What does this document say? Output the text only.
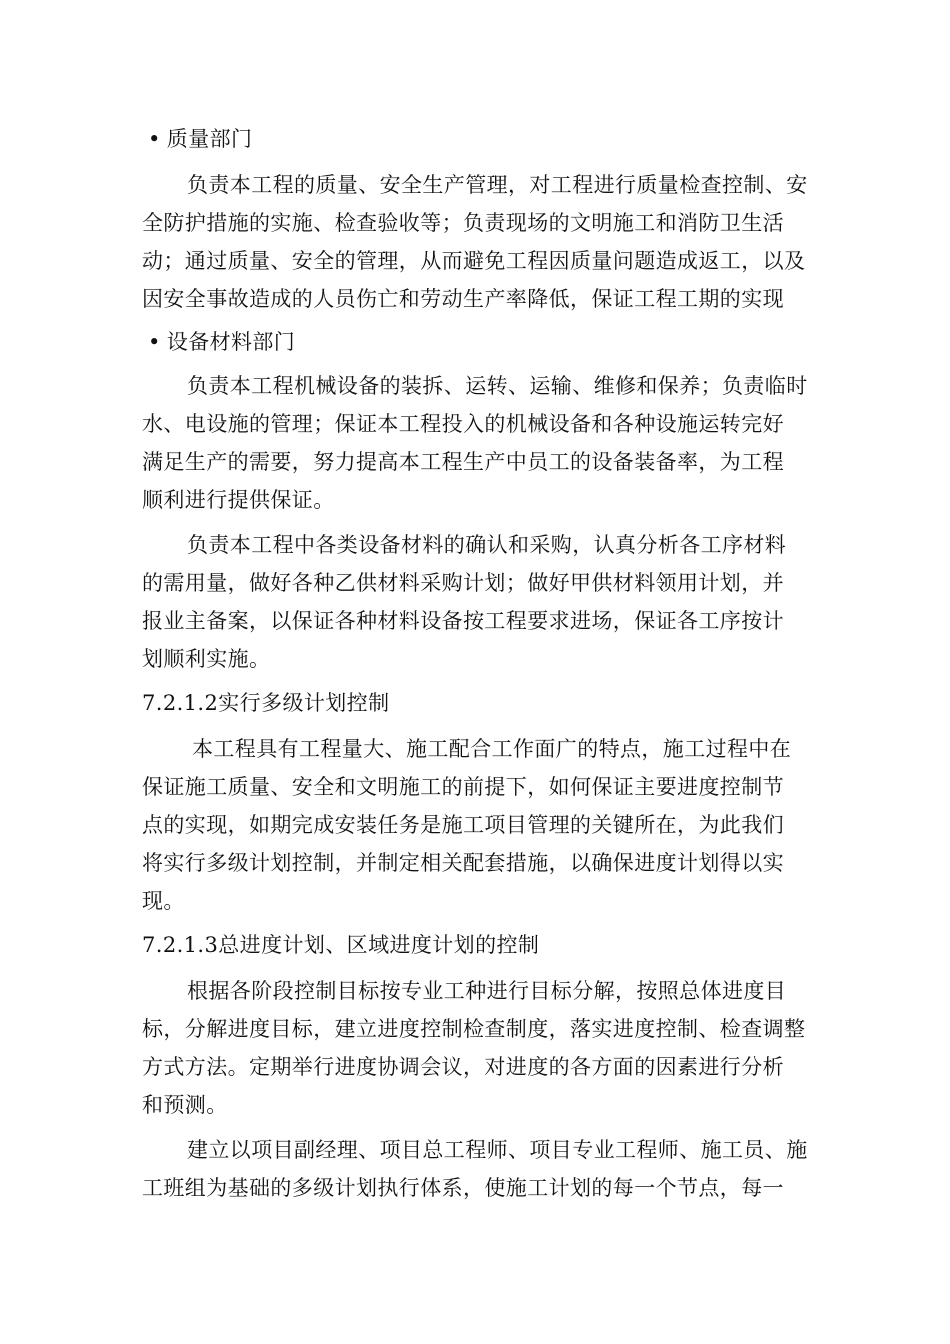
• 质量部门
负责本工程的质量、安全生产管理，对工程进行质量检查控制、安
全防护措施的实施、检查验收等；负责现场的文明施工和消防卫生活
动；通过质量、安全的管理，从而避免工程因质量问题造成返工，以及
因安全事故造成的人员伤亡和劳动生产率降低，保证工程工期的实现
• 设备材料部门
负责本工程机械设备的装拆、运转、运输、维修和保养；负责临时
水、电设施的管理；保证本工程投入的机械设备和各种设施运转完好
满足生产的需要，努力提高本工程生产中员工的设备装备率，为工程
顺利进行提供保证。
负责本工程中各类设备材料的确认和采购，认真分析各工序材料
的需用量，做好各种乙供材料采购计划；做好甲供材料领用计划，并
报业主备案，以保证各种材料设备按工程要求进场，保证各工序按计
划顺利实施。
7.2.1.2实行多级计划控制
本工程具有工程量大、施工配合工作面广的特点，施工过程中在
保证施工质量、安全和文明施工的前提下，如何保证主要进度控制节
点的实现，如期完成安装任务是施工项目管理的关键所在，为此我们
将实行多级计划控制，并制定相关配套措施，以确保进度计划得以实
现。
7.2.1.3总进度计划、区域进度计划的控制
根据各阶段控制目标按专业工种进行目标分解，按照总体进度目
标，分解进度目标，建立进度控制检查制度，落实进度控制、检查调整
方式方法。定期举行进度协调会议，对进度的各方面的因素进行分析
和预测。
建立以项目副经理、项目总工程师、项目专业工程师、施工员、施
工班组为基础的多级计划执行体系，使施工计划的每一个节点，每一
